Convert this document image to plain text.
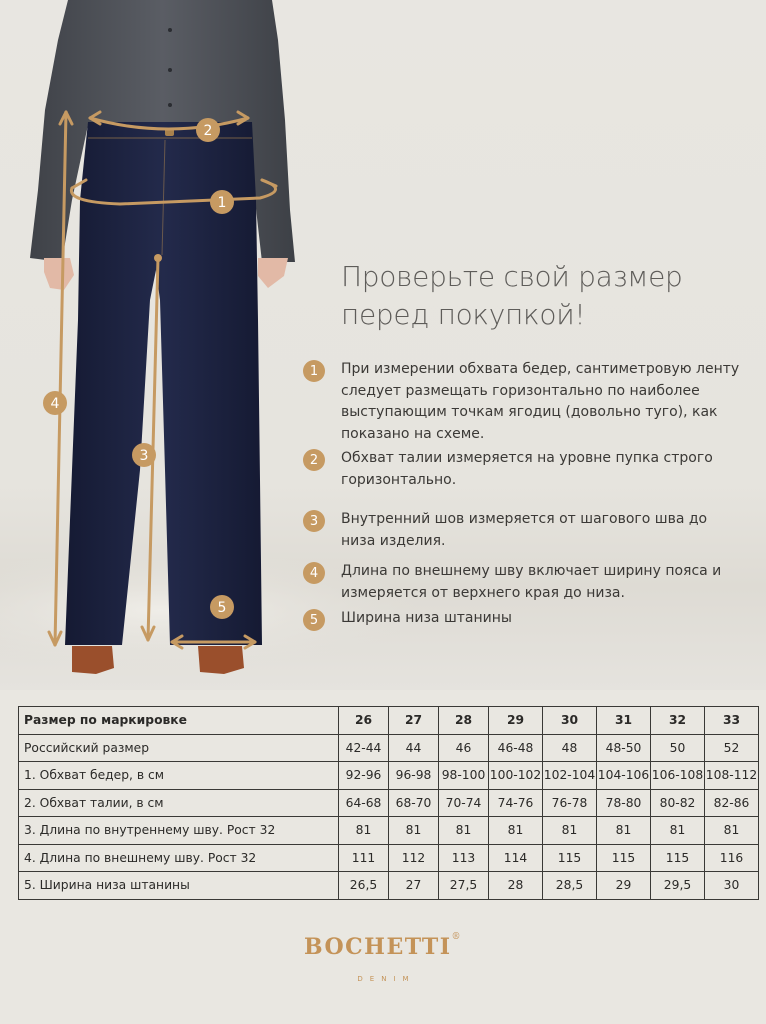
2
1
4
3
5
Проверьте свой размер
перед покупкой!
1	При измерении обхвата бедер, сантиметровую ленту следует размещать горизонтально по наиболее выступающим точкам ягодиц (довольно туго), как показано на схеме.
2	Обхват талии измеряется на уровне пупка строго горизонтально.
3	Внутренний шов измеряется от шагового шва до низа изделия.
4	Длина по внешнему шву включает ширину пояса и измеряется от верхнего края до низа.
5	Ширина низа штанины
Размер по маркировке	26	27	28	29	30	31	32	33
Российский размер	42-44	44	46	46-48	48	48-50	50	52
1. Обхват бедер, в см	92-96	96-98	98-100	100-102	102-104	104-106	106-108	108-112
2. Обхват талии, в см	64-68	68-70	70-74	74-76	76-78	78-80	80-82	82-86
3. Длина по внутреннему шву. Рост 32	81	81	81	81	81	81	81	81
4. Длина по внешнему шву. Рост 32	111	112	113	114	115	115	115	116
5. Ширина низа штанины	26,5	27	27,5	28	28,5	29	29,5	30
BOCHETTI®
DENIM
